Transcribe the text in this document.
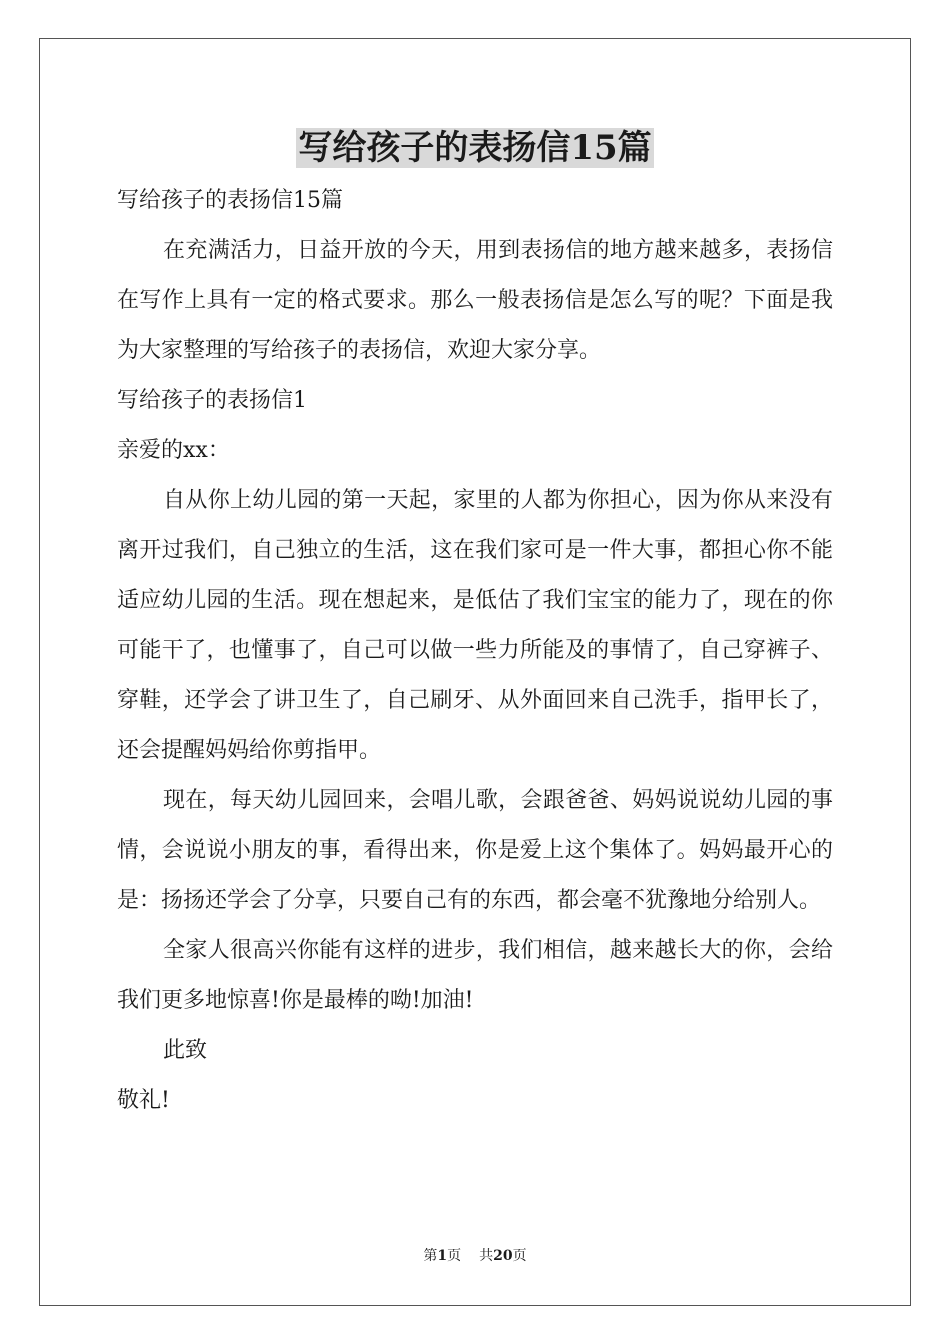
写给孩子的表扬信15篇

写给孩子的表扬信15篇

在充满活力，日益开放的今天，用到表扬信的地方越来越多，表扬信在写作上具有一定的格式要求。那么一般表扬信是怎么写的呢？下面是我为大家整理的写给孩子的表扬信，欢迎大家分享。

写给孩子的表扬信1

亲爱的xx：

自从你上幼儿园的第一天起，家里的人都为你担心，因为你从来没有离开过我们，自己独立的生活，这在我们家可是一件大事，都担心你不能适应幼儿园的生活。现在想起来，是低估了我们宝宝的能力了，现在的你可能干了，也懂事了，自己可以做一些力所能及的事情了，自己穿裤子、穿鞋，还学会了讲卫生了，自己刷牙、从外面回来自己洗手，指甲长了，还会提醒妈妈给你剪指甲。

现在，每天幼儿园回来，会唱儿歌，会跟爸爸、妈妈说说幼儿园的事情，会说说小朋友的事，看得出来，你是爱上这个集体了。妈妈最开心的是：扬扬还学会了分享，只要自己有的东西，都会毫不犹豫地分给别人。

全家人很高兴你能有这样的进步，我们相信，越来越长大的你，会给我们更多地惊喜!你是最棒的呦!加油!

此致

敬礼!

第1页 共20页
